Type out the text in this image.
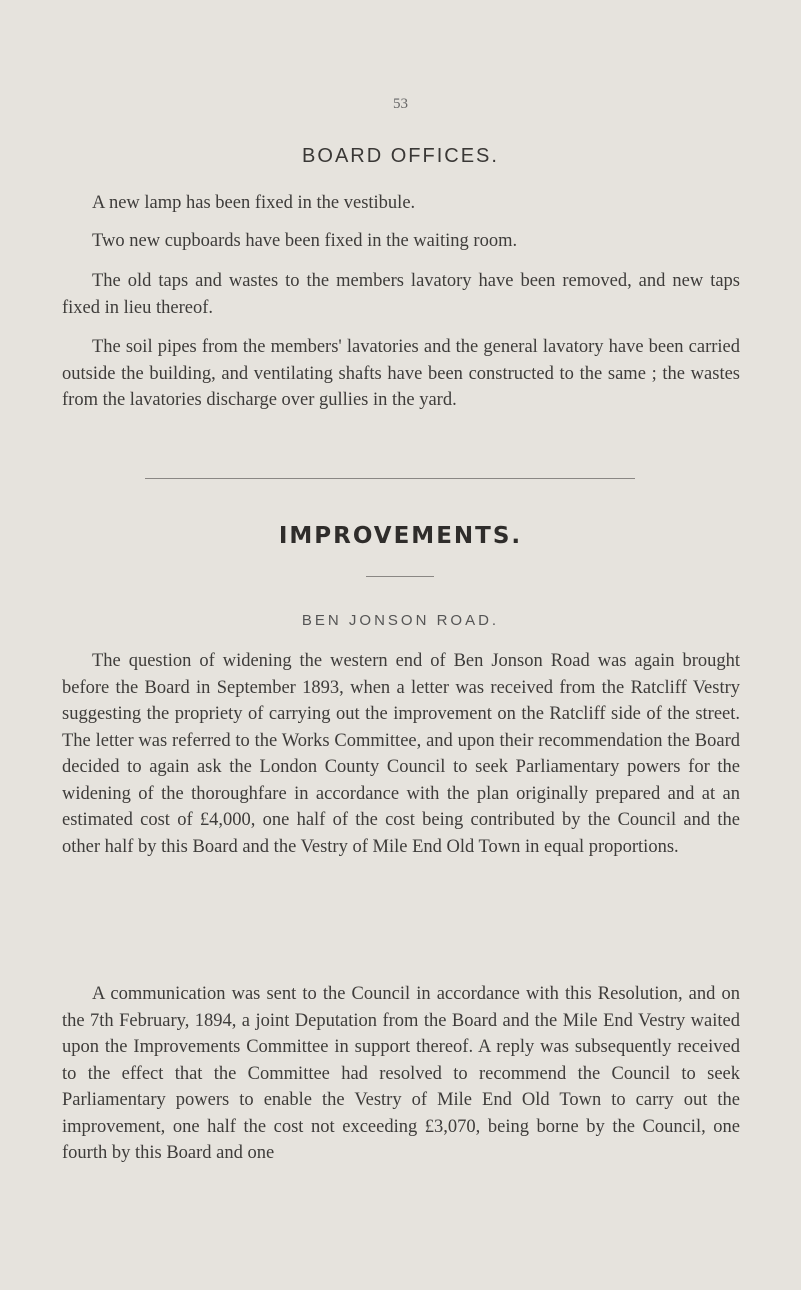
53
BOARD OFFICES.

A new lamp has been fixed in the vestibule.

Two new cupboards have been fixed in the waiting room.

The old taps and wastes to the members lavatory have been removed, and new taps fixed in lieu thereof.

The soil pipes from the members' lavatories and the general lavatory have been carried outside the building, and ventilating shafts have been constructed to the same ; the wastes from the lavatories discharge over gullies in the yard.

IMPROVEMENTS.
BEN JONSON ROAD.

The question of widening the western end of Ben Jonson Road was again brought before the Board in September 1893, when a letter was received from the Ratcliff Vestry suggesting the propriety of carrying out the improvement on the Ratcliff side of the street. The letter was referred to the Works Committee, and upon their recommendation the Board decided to again ask the London County Council to seek Parliamentary powers for the widening of the thoroughfare in accordance with the plan originally prepared and at an estimated cost of £4,000, one half of the cost being contributed by the Council and the other half by this Board and the Vestry of Mile End Old Town in equal proportions.

A communication was sent to the Council in accordance with this Resolution, and on the 7th February, 1894, a joint Deputation from the Board and the Mile End Vestry waited upon the Improvements Committee in support thereof. A reply was subsequently received to the effect that the Committee had resolved to recommend the Council to seek Parliamentary powers to enable the Vestry of Mile End Old Town to carry out the improvement, one half the cost not exceeding £3,070, being borne by the Council, one fourth by this Board and one
